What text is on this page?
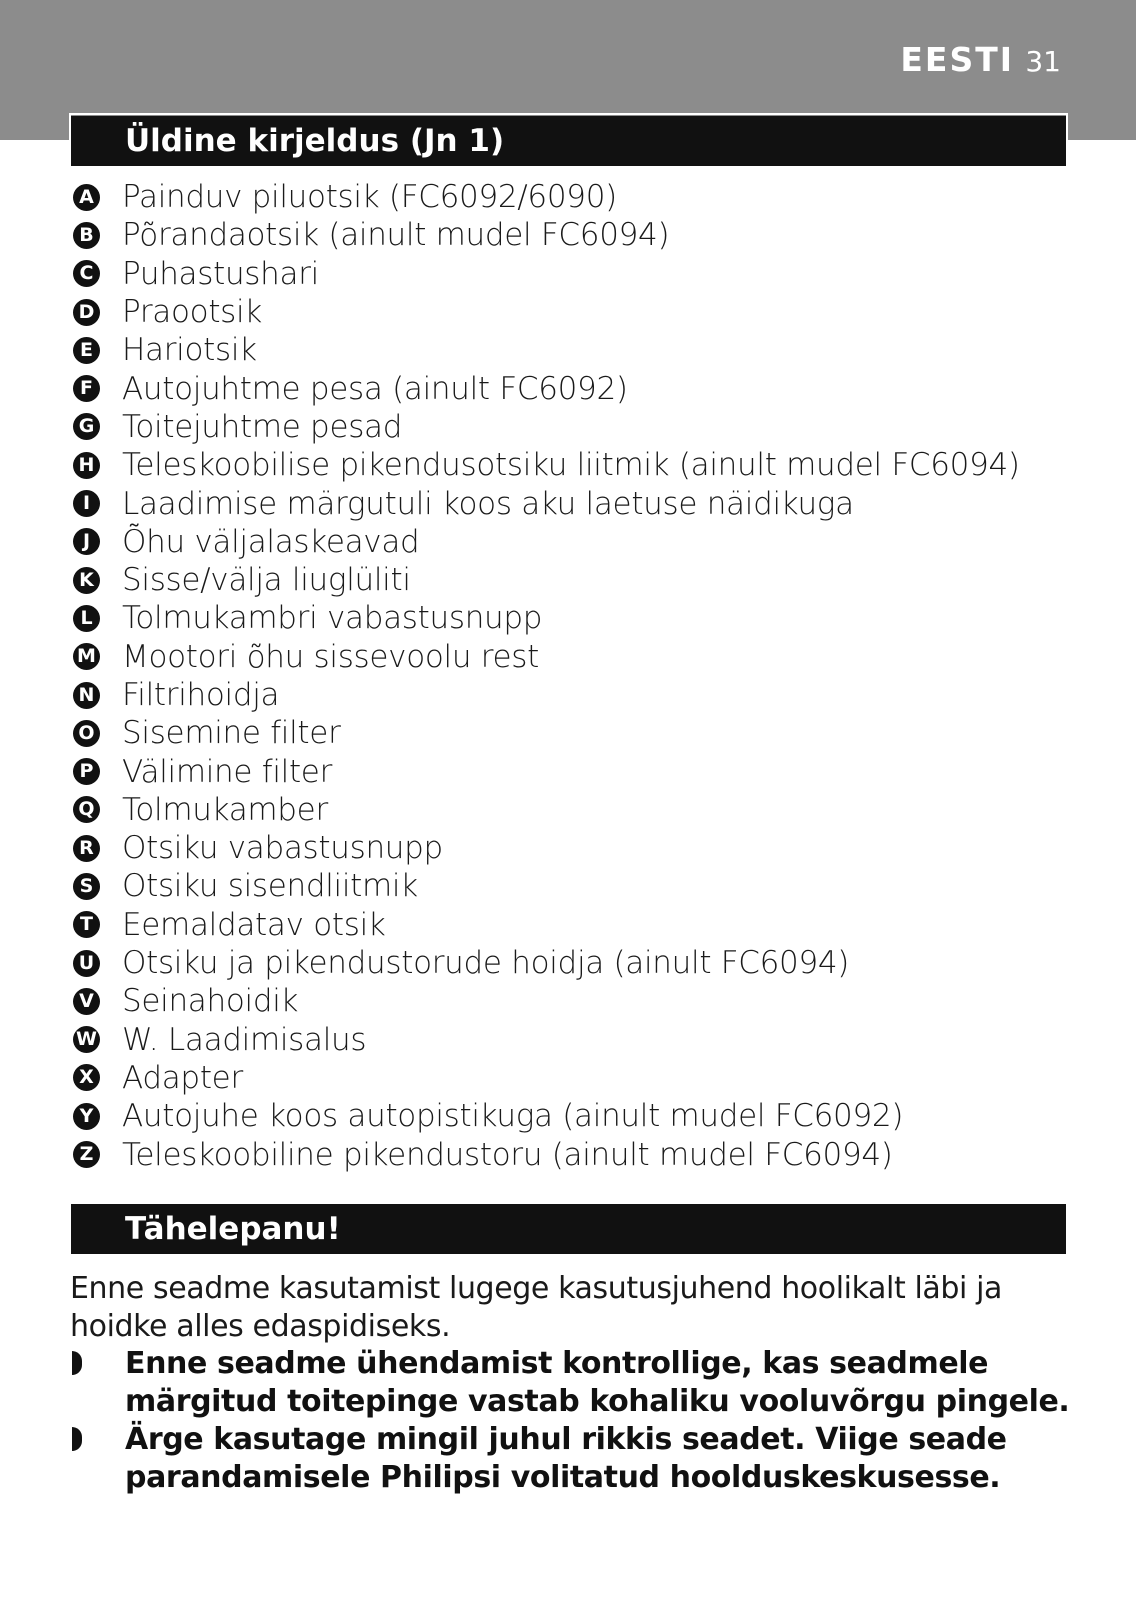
EESTI 31
Üldine kirjeldus (Jn 1)
A Painduv piluotsik (FC6092/6090)
B Põrandaotsik (ainult mudel FC6094)
C Puhastushari
D Praootsik
E Hariotsik
F Autojuhtme pesa (ainult FC6092)
G Toitejuhtme pesad
H Teleskoobilise pikendusotsiku liitmik (ainult mudel FC6094)
I	Laadimise märgutuli koos aku laetuse näidikuga
J	Õhu väljalaskeavad
K Sisse/välja liuglüliti
L Tolmukambri vabastusnupp
M Mootori õhu sissevoolu rest
N Filtrihoidja
O Sisemine filter
P Välimine filter
Q Tolmukamber
R Otsiku vabastusnupp
S Otsiku sisendliitmik
T Eemaldatav otsik
U Otsiku ja pikendustorude hoidja (ainult FC6094)
V Seinahoidik
W W. Laadimisalus
X Adapter
Y Autojuhe koos autopistikuga (ainult mudel FC6092)
Z Teleskoobiline pikendustoru (ainult mudel FC6094)
Tähelepanu!
Enne seadme kasutamist lugege kasutusjuhend hoolikalt läbi ja hoidke alles edaspidiseks.
Enne seadme ühendamist kontrollige, kas seadmele märgitud toitepinge vastab kohaliku vooluvõrgu pingele.
Ärge kasutage mingil juhul rikkis seadet. Viige seade parandamisele Philipsi volitatud hoolduskeskusesse.
